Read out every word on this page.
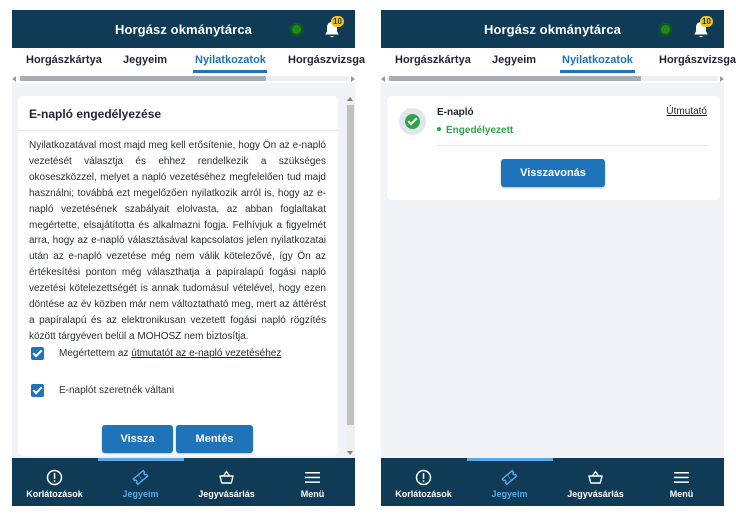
Horgász okmánytárca
10
Horgászkártya Jegyeim	Nyilatkozatok Horgászvizsga
E-napló engedélyezése
Nyilatkozatával most majd meg kell erősítenie, hogy Ön az e-napló vezetését választja és ehhez rendelkezik a szükséges okoseszközzel, melyet a napló vezetéséhez megfelelően tud majd használni; továbbá ezt megelőzően nyilatkozik arról is, hogy az e-napló vezetésének szabályait elolvasta, az abban foglaltakat megértette, elsajátította és alkalmazni fogja. Felhívjuk a figyelmét arra, hogy az e-napló választásával kapcsolatos jelen nyilatkozatai után az e-napló vezetése még nem válik kötelezővé, így Ön az értékesítési ponton még választhatja a papíralapú fogási napló vezetési kötelezettségét is annak tudomásul vételével, hogy ezen döntése az év közben már nem változtatható meg, mert az áttérést a papíralapú és az elektronikusan vezetett fogási napló rögzítés között tárgyéven belül a MOHOSZ nem biztosítja.
Megértettem az útmutatót az e-napló vezetéséhez
E-naplót szeretnék váltani
Vissza	Mentés
Korlátozások	Jegyeim	Jegyvásárlás	Menü
Horgász okmánytárca
10
Horgászkártya Jegyeim Nyilatkozatok Horgászvizsga
E-napló	Útmutató
Engedélyezett
Visszavonás
Korlátozások	Jegyeim	Jegyvásárlás	Menü
